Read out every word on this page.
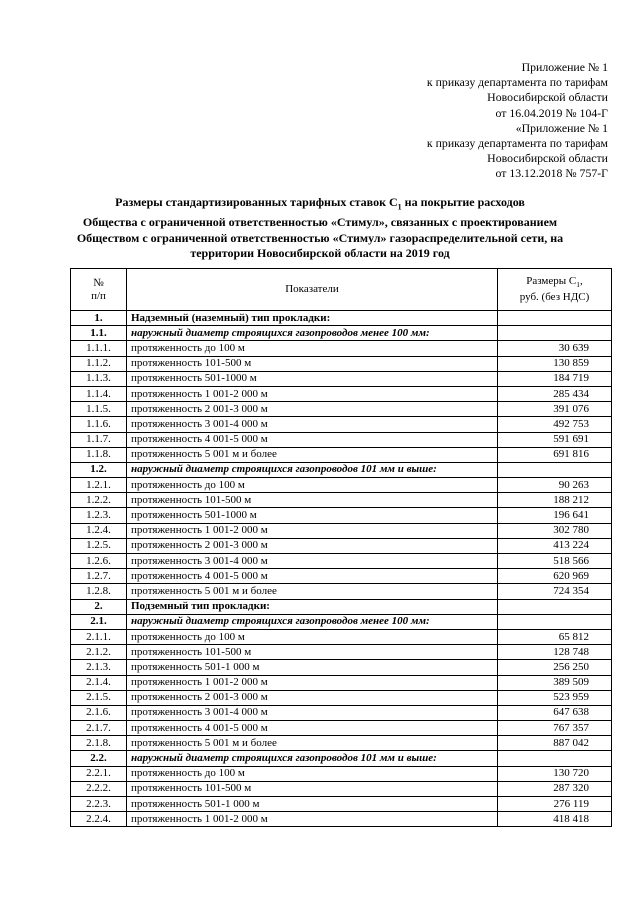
Приложение № 1
к приказу департамента по тарифам
Новосибирской области
от 16.04.2019 № 104-Г
«Приложение № 1
к приказу департамента по тарифам
Новосибирской области
от 13.12.2018 № 757-Г
Размеры стандартизированных тарифных ставок $С_1$ на покрытие расходов
Общества с ограниченной ответственностью «Стимул», связанных с проектированием
Обществом с ограниченной ответственностью «Стимул» газораспределительной сети, на
территории Новосибирской области на 2019 год
№
п/п	Показатели	Размеры $С_1$,
руб. (без НДС)
1.	Надземный (наземный) тип прокладки:	
1.1.	наружный диаметр строящихся газопроводов менее 100 мм:	
1.1.1.	протяженность до 100 м	30 639
1.1.2.	протяженность 101-500 м	130 859
1.1.3.	протяженность 501-1000 м	184 719
1.1.4.	протяженность 1 001-2 000 м	285 434
1.1.5.	протяженность 2 001-3 000 м	391 076
1.1.6.	протяженность 3 001-4 000 м	492 753
1.1.7.	протяженность 4 001-5 000 м	591 691
1.1.8.	протяженность 5 001 м и более	691 816
1.2.	наружный диаметр строящихся газопроводов 101 мм и выше:	
1.2.1.	протяженность до 100 м	90 263
1.2.2.	протяженность 101-500 м	188 212
1.2.3.	протяженность 501-1000 м	196 641
1.2.4.	протяженность 1 001-2 000 м	302 780
1.2.5.	протяженность 2 001-3 000 м	413 224
1.2.6.	протяженность 3 001-4 000 м	518 566
1.2.7.	протяженность 4 001-5 000 м	620 969
1.2.8.	протяженность 5 001 м и более	724 354
2.	Подземный тип прокладки:	
2.1.	наружный диаметр строящихся газопроводов менее 100 мм:	
2.1.1.	протяженность до 100 м	65 812
2.1.2.	протяженность 101-500 м	128 748
2.1.3.	протяженность 501-1 000 м	256 250
2.1.4.	протяженность 1 001-2 000 м	389 509
2.1.5.	протяженность 2 001-3 000 м	523 959
2.1.6.	протяженность 3 001-4 000 м	647 638
2.1.7.	протяженность 4 001-5 000 м	767 357
2.1.8.	протяженность 5 001 м и более	887 042
2.2.	наружный диаметр строящихся газопроводов 101 мм и выше:	
2.2.1.	протяженность до 100 м	130 720
2.2.2.	протяженность 101-500 м	287 320
2.2.3.	протяженность 501-1 000 м	276 119
2.2.4.	протяженность 1 001-2 000 м	418 418
